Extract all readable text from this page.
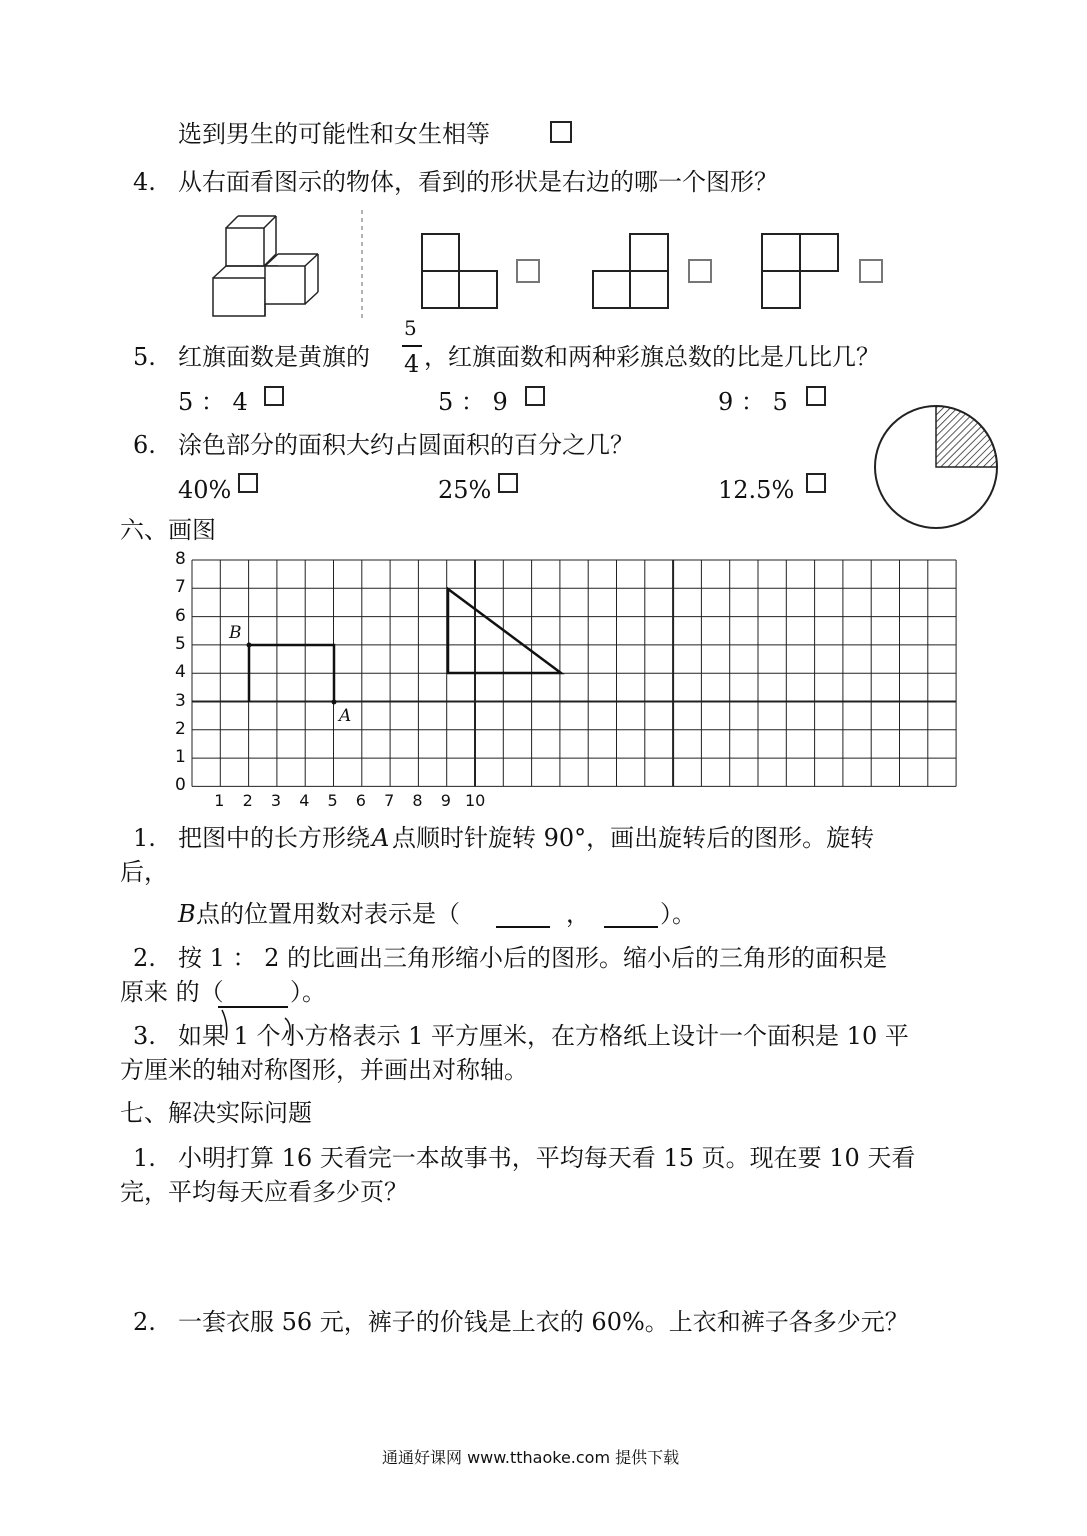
选到男生的可能性和女生相等
4. 从右面看图示的物体，看到的形状是右边的哪一个图形？
5. 红旗面数是黄旗的
5
4 ，红旗面数和两种彩旗总数的比是几比几？
5 ： 4	5 ： 9	9 ： 5
6. 涂色部分的面积大约占圆面积的百分之几？
40%	25%	12.5%
六、画图
8
7
6
5
4
3
2
1
0
1 2 3 4 5 6 7 8 9 10
B
A
1. 把图中的长方形绕 A 点顺时针旋转 90°，画出旋转后的图形。旋转
后，
B 点的位置用数对表示是（	，	）。
2. 按 1 ： 2 的比画出三角形缩小后的图形。缩小后的三角形的面积是
原来 的（	）。
3. 如果 1 个小方格表示 1 平方厘米，在方格纸上设计一个面积是 10 平
方厘米的轴对称图形，并画出对称轴。
七、解决实际问题
1. 小明打算 16 天看完一本故事书，平均每天看 15 页。现在要 10 天看
完，平均每天应看多少页？
2. 一套衣服 56 元，裤子的价钱是上衣的 60%。上衣和裤子各多少元？
通通好课网 www.tthaoke.com 提供下载
